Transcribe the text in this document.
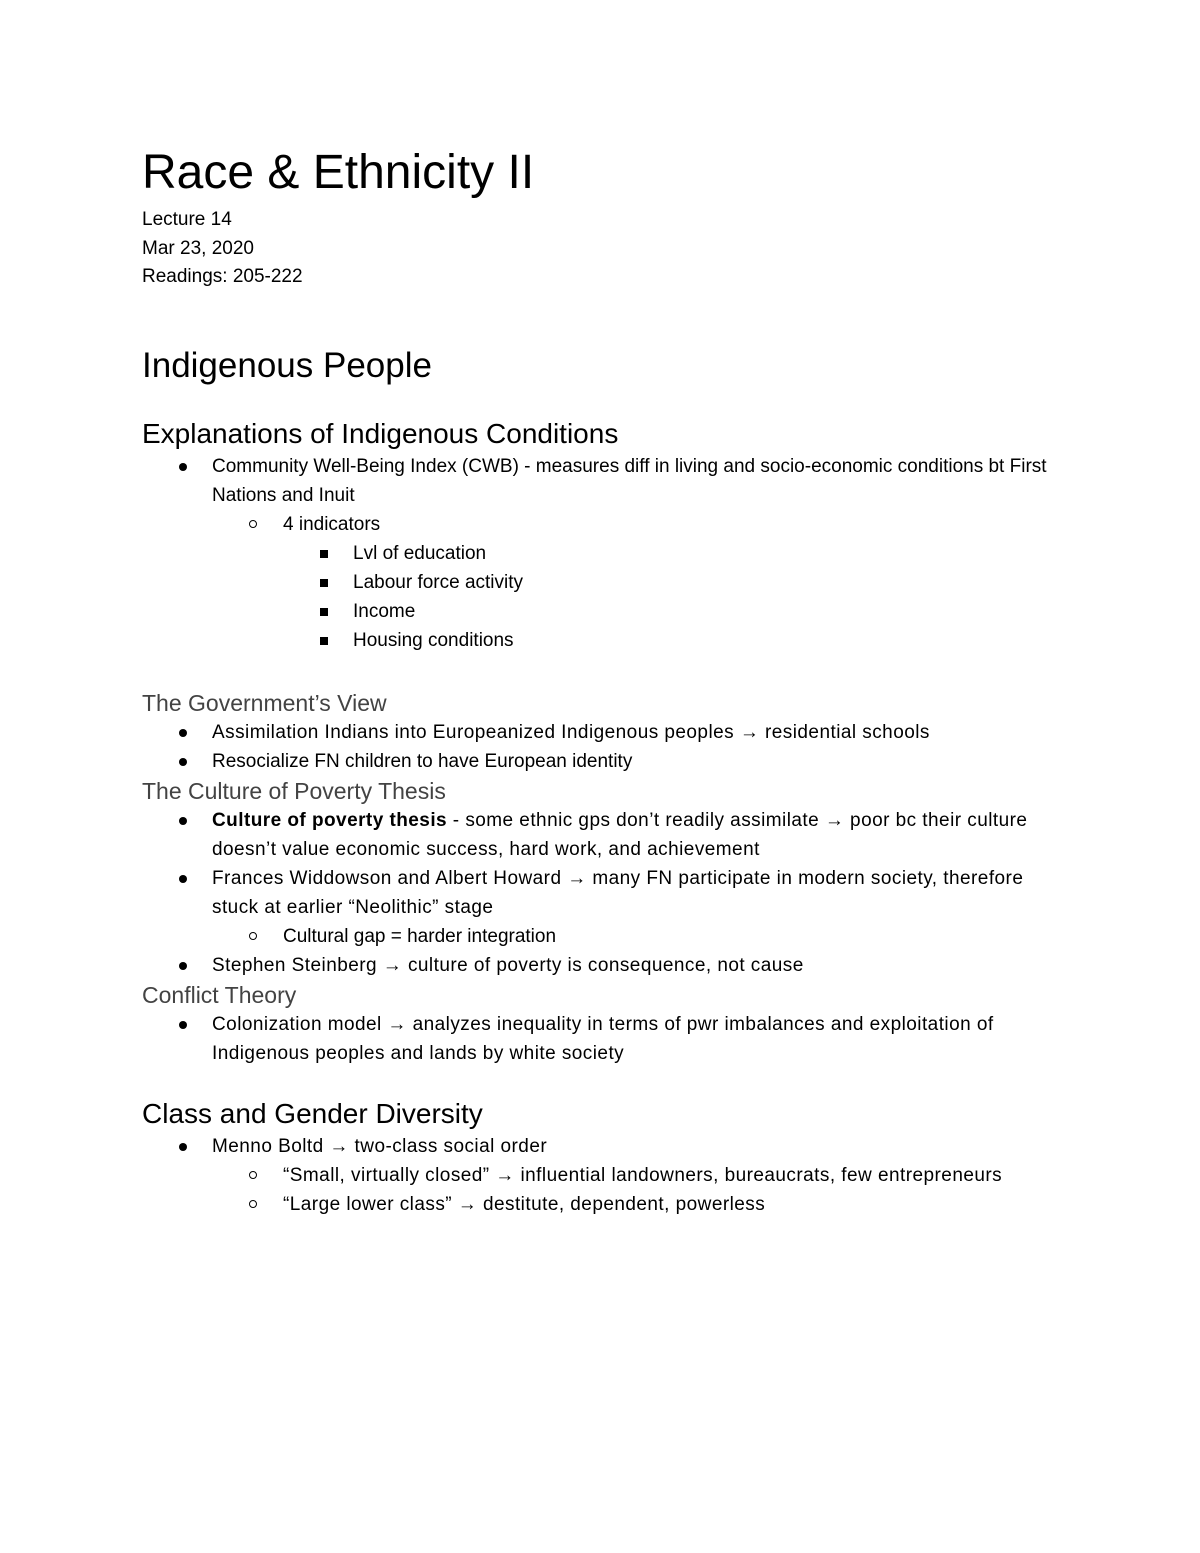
Race & Ethnicity II
Lecture 14
Mar 23, 2020
Readings: 205-222
Indigenous People
Explanations of Indigenous Conditions
Community Well-Being Index (CWB) - measures diff in living and socio-economic conditions bt First Nations and Inuit
4 indicators
Lvl of education
Labour force activity
Income
Housing conditions
The Government’s View
Assimilation Indians into Europeanized Indigenous peoples → residential schools
Resocialize FN children to have European identity
The Culture of Poverty Thesis
Culture of poverty thesis - some ethnic gps don’t readily assimilate → poor bc their culture doesn’t value economic success, hard work, and achievement
Frances Widdowson and Albert Howard → many FN participate in modern society, therefore stuck at earlier “Neolithic” stage
Cultural gap = harder integration
Stephen Steinberg → culture of poverty is consequence, not cause
Conflict Theory
Colonization model → analyzes inequality in terms of pwr imbalances and exploitation of Indigenous peoples and lands by white society
Class and Gender Diversity
Menno Boltd → two-class social order
“Small, virtually closed” → influential landowners, bureaucrats, few entrepreneurs
“Large lower class” → destitute, dependent, powerless
